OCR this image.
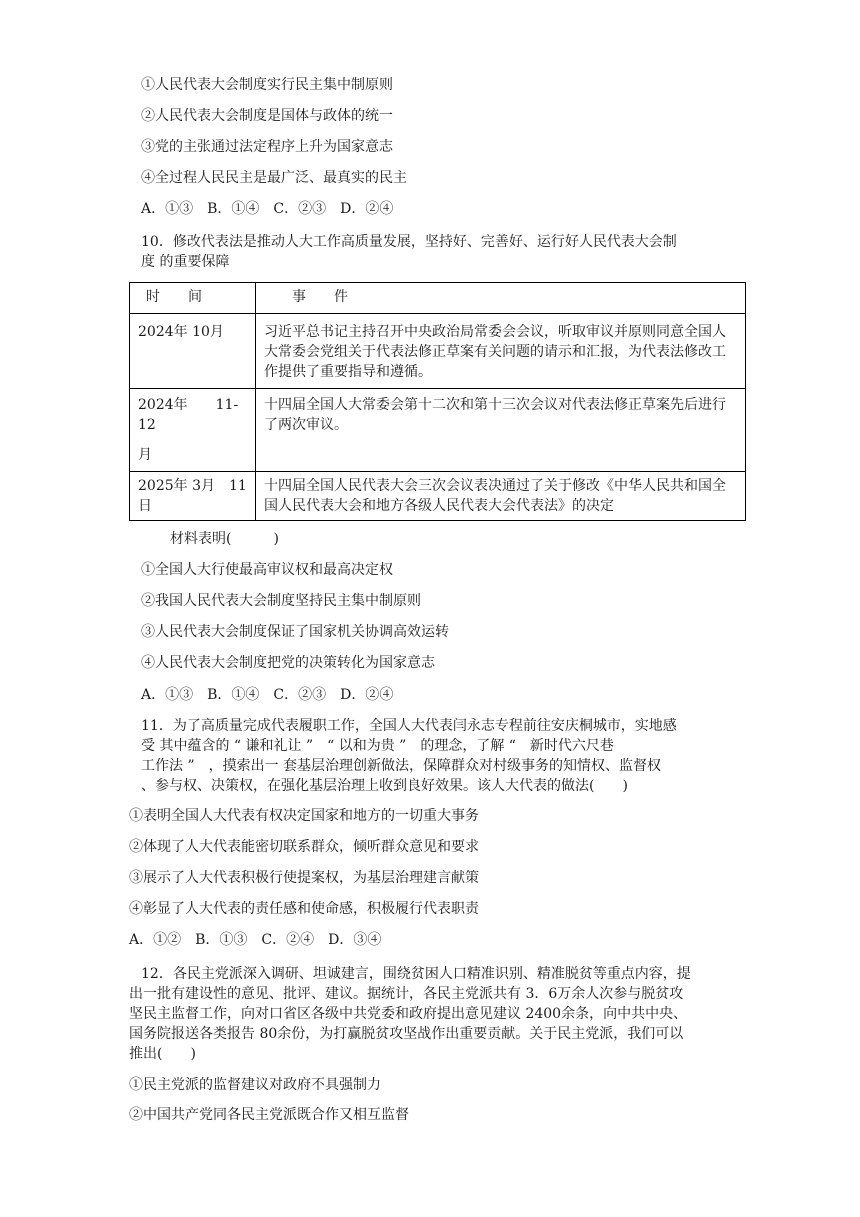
①人民代表大会制度实行民主集中制原则
②人民代表大会制度是国体与政体的统一
③党的主张通过法定程序上升为国家意志
④全过程人民民主是最广泛、最真实的民主
A．①③　B．①④　C．②③　D．②④
10．修改代表法是推动人大工作高质量发展，坚持好、完善好、运行好人民代表大会制
度 的重要保障
时　　间	事　　件
2024年 10月	习近平总书记主持召开中央政治局常委会会议，听取审议并原则同意全国人大常委会党组关于代表法修正草案有关问题的请示和汇报，为代表法修改工作提供了重要指导和遵循。

2024年　　11-
12
月	十四届全国人大常委会第十二次和第十三次会议对代表法修正草案先后进行了两次审议。

2025年 3月　11
日	十四届全国人民代表大会三次会议表决通过了关于修改《中华人民共和国全国人民代表大会和地方各级人民代表大会代表法》的决定
材料表明(　　　)
①全国人大行使最高审议权和最高决定权
②我国人民代表大会制度坚持民主集中制原则
③人民代表大会制度保证了国家机关协调高效运转
④人民代表大会制度把党的决策转化为国家意志
A．①③　B．①④　C．②③　D．②④
11．为了高质量完成代表履职工作，全国人大代表闫永志专程前往安庆桐城市，实地感
受 其中蕴含的 “ 谦和礼让 ”　“ 以和为贵 ”　的理念，了解 “　新时代六尺巷
工作法 ”　，摸索出一 套基层治理创新做法，保障群众对村级事务的知情权、监督权
、参与权、决策权，在强化基层治理上收到良好效果。该人大代表的做法(　　)
①表明全国人大代表有权决定国家和地方的一切重大事务
②体现了人大代表能密切联系群众，倾听群众意见和要求
③展示了人大代表积极行使提案权，为基层治理建言献策
④彰显了人大代表的责任感和使命感，积极履行代表职责
A．①②　B．①③　C．②④　D．③④
12．各民主党派深入调研、坦诚建言，围绕贫困人口精准识别、精准脱贫等重点内容，提
出一批有建设性的意见、批评、建议。据统计，各民主党派共有 3．6万余人次参与脱贫攻
坚民主监督工作，向对口省区各级中共党委和政府提出意见建议 2400余条，向中共中央、
国务院报送各类报告 80余份，为打赢脱贫攻坚战作出重要贡献。关于民主党派，我们可以
推出(　　)
①民主党派的监督建议对政府不具强制力
②中国共产党同各民主党派既合作又相互监督
